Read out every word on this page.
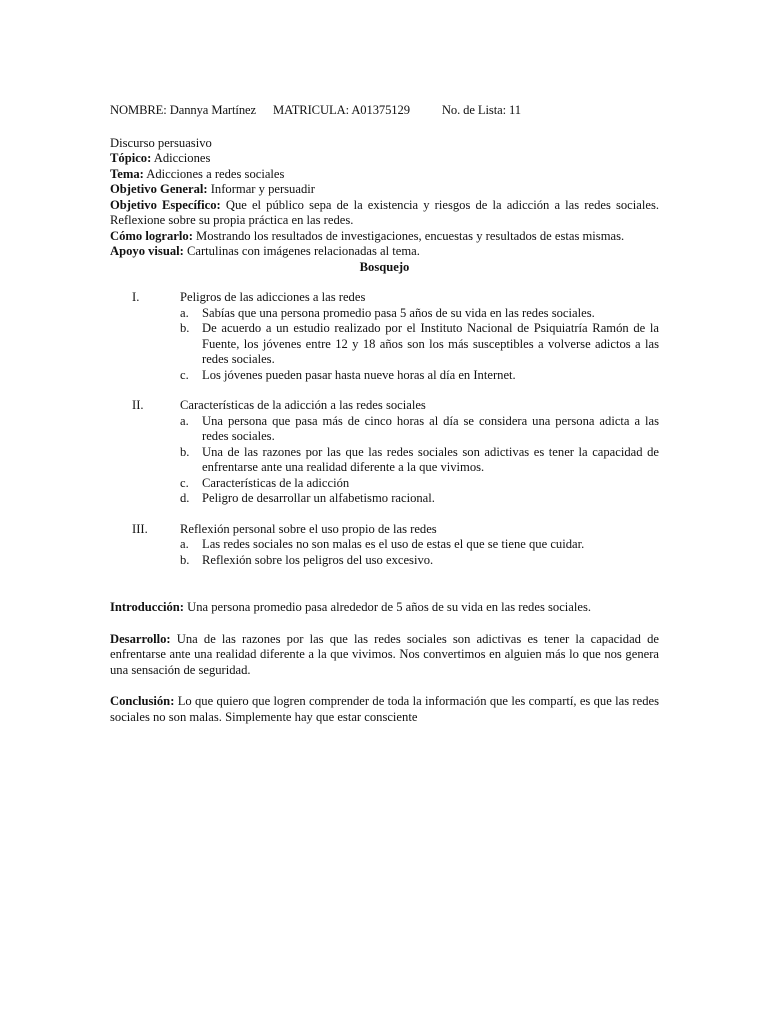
NOMBRE: Dannya Martínez MATRICULA: A01375129	No. de Lista: 11

Discurso persuasivo

Tópico: Adicciones

Tema: Adicciones a redes sociales

Objetivo General: Informar y persuadir

Objetivo Específico: Que el público sepa de la existencia y riesgos de la adicción a las redes sociales. Reflexione sobre su propia práctica en las redes.

Cómo lograrlo: Mostrando los resultados de investigaciones, encuestas y resultados de estas mismas.

Apoyo visual: Cartulinas con imágenes relacionadas al tema.

Bosquejo

I.	Peligros de las adicciones a las redes
a.	Sabías que una persona promedio pasa 5 años de su vida en las redes sociales.
b. De acuerdo a un estudio realizado por el Instituto Nacional de Psiquiatría Ramón de la Fuente, los jóvenes entre 12 y 18 años son los más susceptibles a volverse adictos a las redes sociales.
c.	Los jóvenes pueden pasar hasta nueve horas al día en Internet.
II.	Características de la adicción a las redes sociales
a.	Una persona que pasa más de cinco horas al día se considera una persona adicta a las redes sociales.
b. Una de las razones por las que las redes sociales son adictivas es tener la capacidad de enfrentarse ante una realidad diferente a la que vivimos.
c.	Características de la adicción
d. Peligro de desarrollar un alfabetismo racional.
III.	Reflexión personal sobre el uso propio de las redes
a.	Las redes sociales no son malas es el uso de estas el que se tiene que cuidar.
b. Reflexión sobre los peligros del uso excesivo.

Introducción: Una persona promedio pasa alrededor de 5 años de su vida en las redes sociales.

Desarrollo: Una de las razones por las que las redes sociales son adictivas es tener la capacidad de enfrentarse ante una realidad diferente a la que vivimos. Nos convertimos en alguien más lo que nos genera una sensación de seguridad.

Conclusión: Lo que quiero que logren comprender de toda la información que les compartí, es que las redes sociales no son malas. Simplemente hay que estar consciente
